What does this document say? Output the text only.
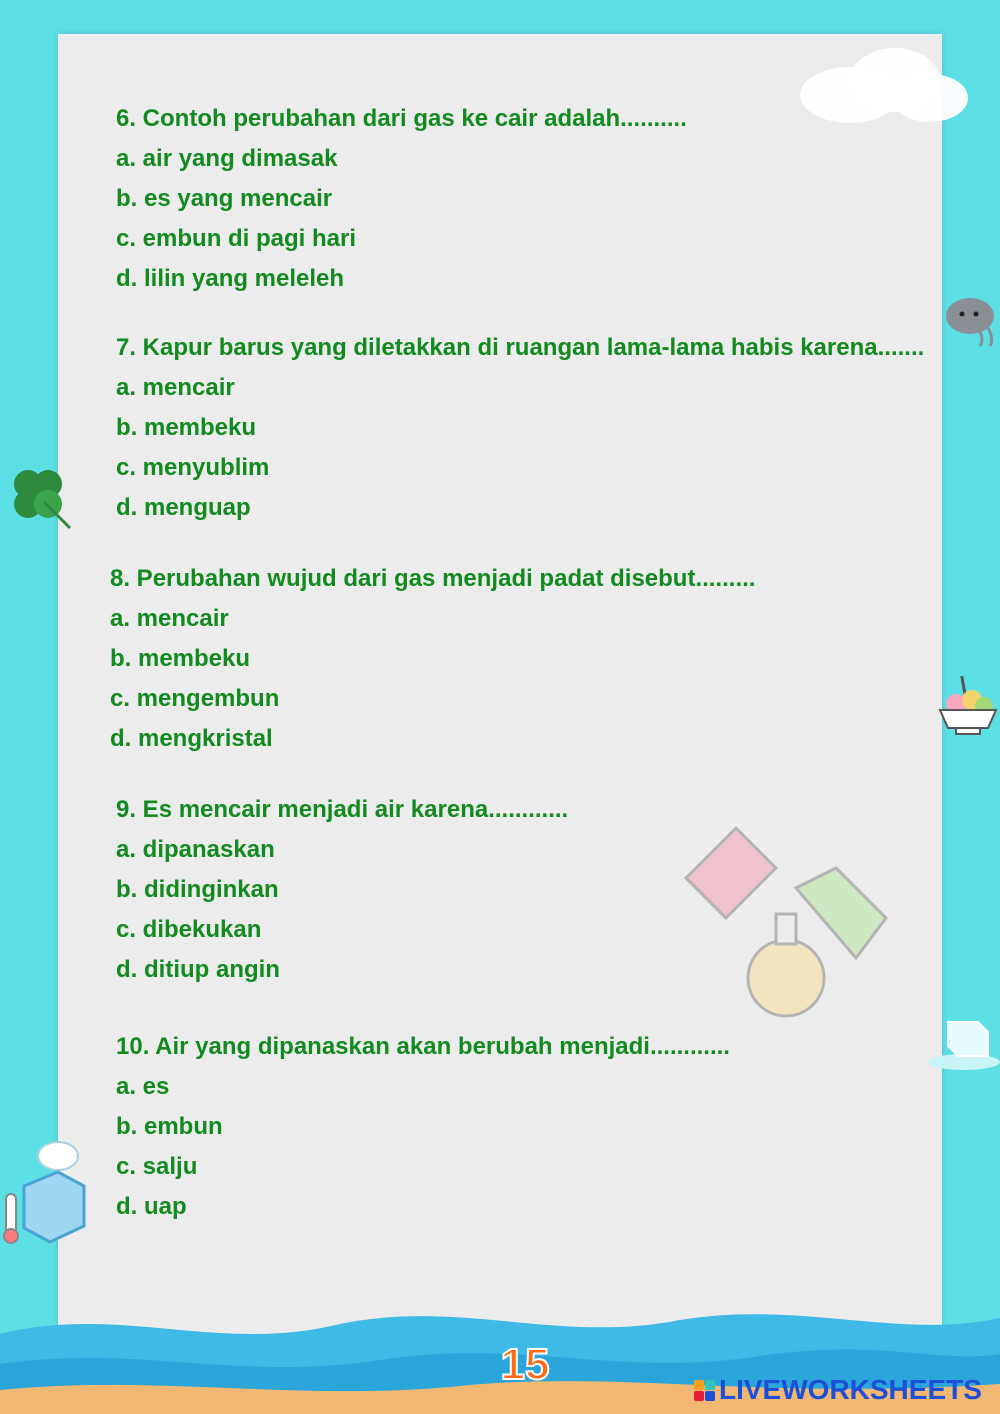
6. Contoh perubahan dari gas ke cair adalah..........
a. air yang dimasak
b. es yang mencair
c. embun di pagi hari
d. lilin yang meleleh
7. Kapur barus yang diletakkan di ruangan lama-lama habis karena.......
a. mencair
b. membeku
c. menyublim
d. menguap
8. Perubahan wujud dari gas menjadi padat disebut.........
a. mencair
b. membeku
c. mengembun
d. mengkristal
9. Es mencair menjadi air karena............
a. dipanaskan
b. didinginkan
c. dibekukan
d. ditiup angin
10. Air yang dipanaskan akan berubah menjadi............
a. es
b. embun
c. salju
d. uap
15
LIVEWORKSHEETS
